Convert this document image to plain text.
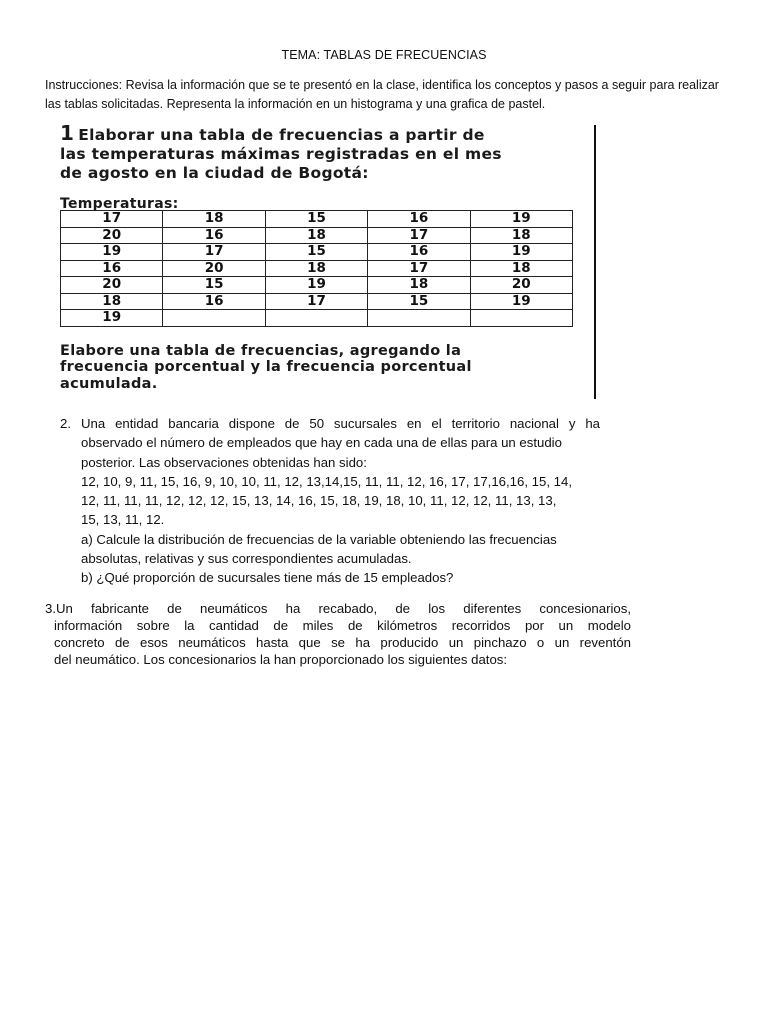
TEMA: TABLAS DE FRECUENCIAS
Instrucciones: Revisa la información que se te presentó en la clase, identifica los conceptos y pasos a seguir para realizar
las tablas solicitadas. Representa la información en un histograma y una grafica de pastel.
1 Elaborar una tabla de frecuencias a partir de
las temperaturas máximas registradas en el mes
de agosto en la ciudad de Bogotá:
Temperaturas:
17	18	15	16	19
20	16	18	17	18
19	17	15	16	19
16	20	18	17	18
20	15	19	18	20
18	16	17	15	19
19				
Elabore una tabla de frecuencias, agregando la
frecuencia porcentual y la frecuencia porcentual
acumulada.
2. Una entidad bancaria dispone de 50 sucursales en el territorio nacional y ha
observado el número de empleados que hay en cada una de ellas para un estudio
posterior. Las observaciones obtenidas han sido:
12, 10, 9, 11, 15, 16, 9, 10, 10, 11, 12, 13,14,15, 11, 11, 12, 16, 17, 17,16,16, 15, 14,
12, 11, 11, 11, 12, 12, 12, 15, 13, 14, 16, 15, 18, 19, 18, 10, 11, 12, 12, 11, 13, 13,
15, 13, 11, 12.
a) Calcule la distribución de frecuencias de la variable obteniendo las frecuencias
absolutas, relativas y sus correspondientes acumuladas.
b) ¿Qué proporción de sucursales tiene más de 15 empleados?
3.Un fabricante de neumáticos ha recabado, de los diferentes concesionarios,
información sobre la cantidad de miles de kilómetros recorridos por un modelo
concreto de esos neumáticos hasta que se ha producido un pinchazo o un reventón
del neumático. Los concesionarios la han proporcionado los siguientes datos:
